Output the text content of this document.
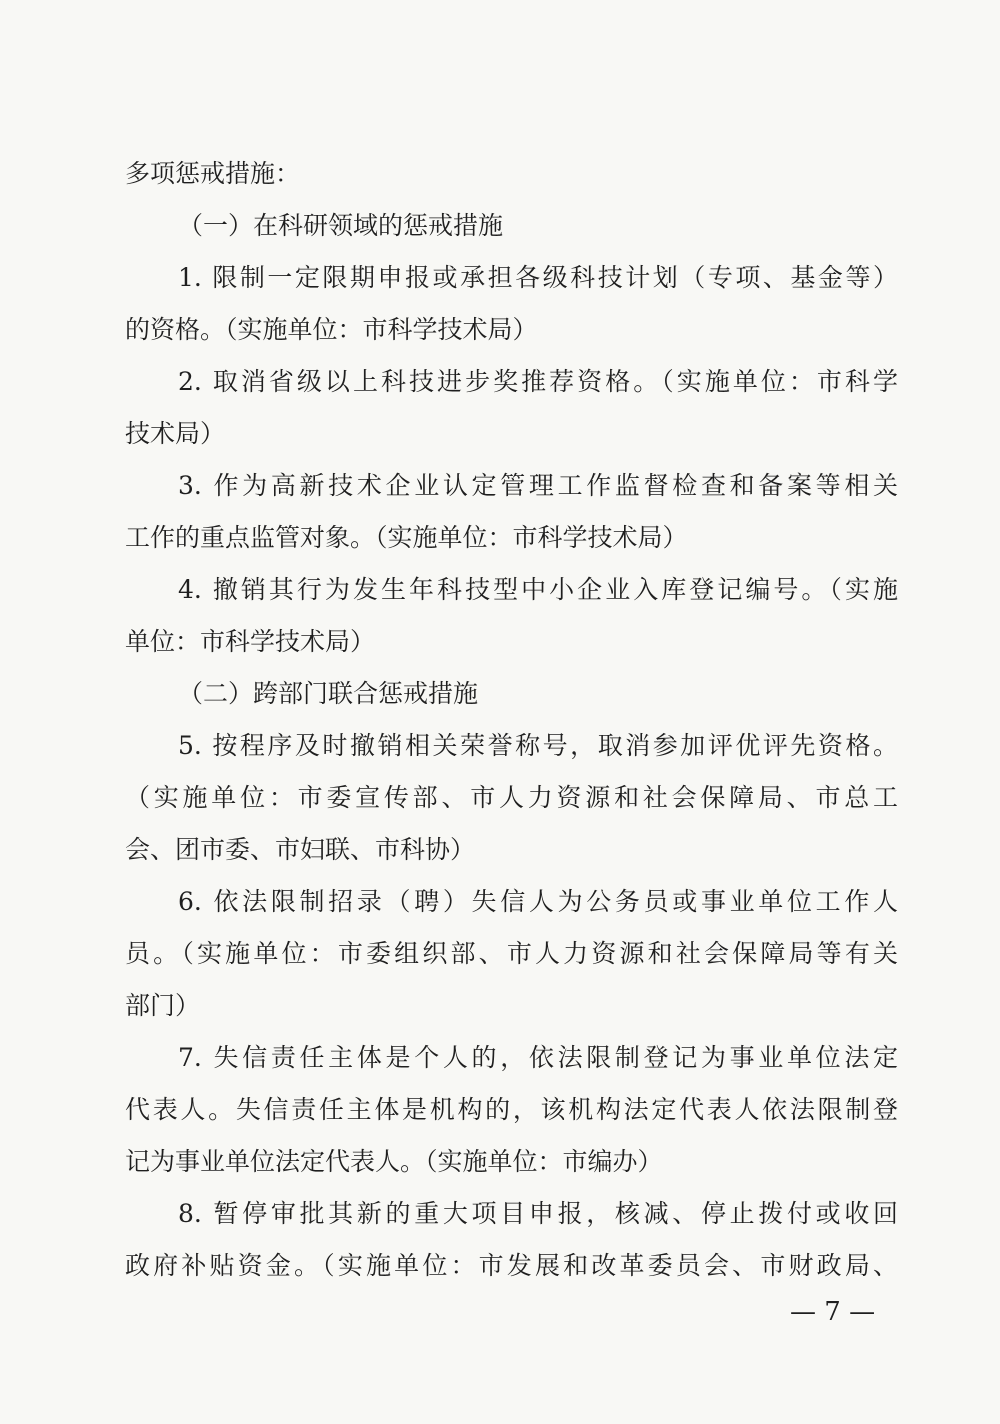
多项惩戒措施：
（一）在科研领域的惩戒措施
1. 限制一定限期申报或承担各级科技计划（专项、基金等）
的资格。（实施单位：市科学技术局）
2. 取消省级以上科技进步奖推荐资格。（实施单位：市科学
技术局）
3. 作为高新技术企业认定管理工作监督检查和备案等相关
工作的重点监管对象。（实施单位：市科学技术局）
4. 撤销其行为发生年科技型中小企业入库登记编号。（实施
单位：市科学技术局）
（二）跨部门联合惩戒措施
5. 按程序及时撤销相关荣誉称号，取消参加评优评先资格。
（实施单位：市委宣传部、市人力资源和社会保障局、市总工
会、团市委、市妇联、市科协）
6. 依法限制招录（聘）失信人为公务员或事业单位工作人
员。（实施单位：市委组织部、市人力资源和社会保障局等有关
部门）
7. 失信责任主体是个人的，依法限制登记为事业单位法定
代表人。失信责任主体是机构的，该机构法定代表人依法限制登
记为事业单位法定代表人。（实施单位：市编办）
8. 暂停审批其新的重大项目申报，核减、停止拨付或收回
政府补贴资金。（实施单位：市发展和改革委员会、市财政局、
— 7 —
